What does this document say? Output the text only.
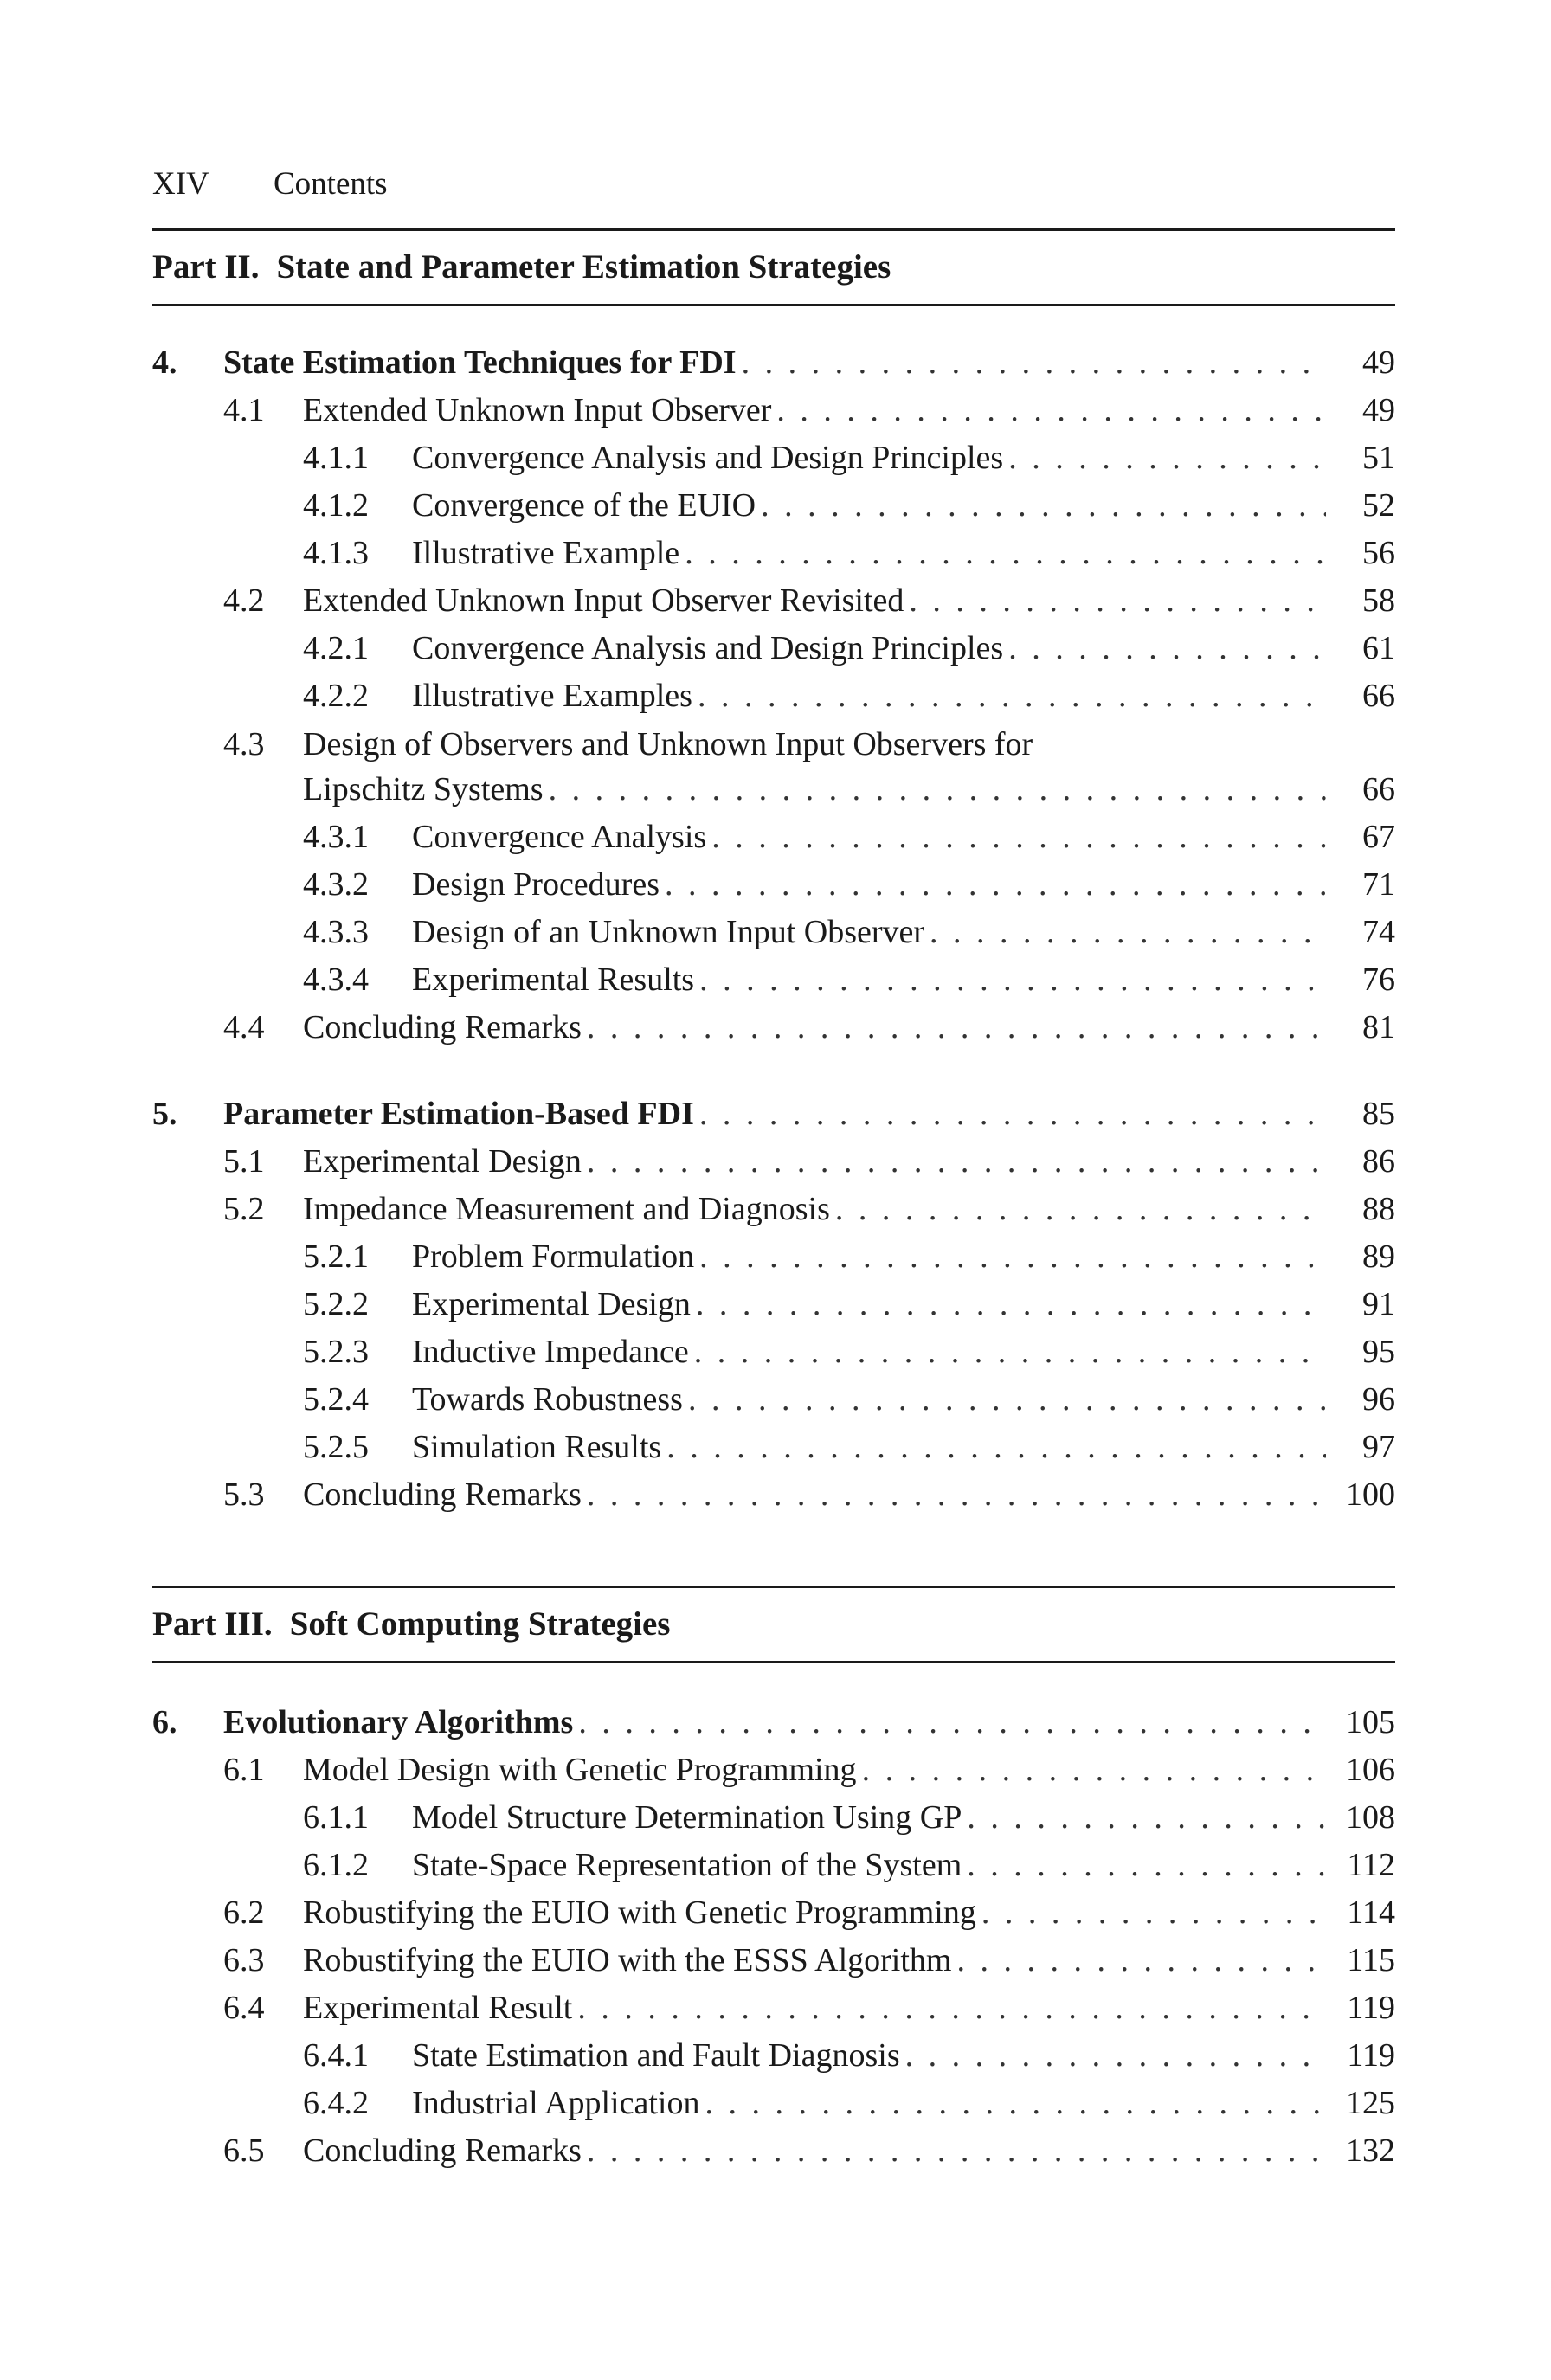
XIV Contents
Part II. State and Parameter Estimation Strategies
4.	State Estimation Techniques for FDI . . .	49
4.1	Extended Unknown Input Observer . . .	49
4.1.1	Convergence Analysis and Design Principles . . .	51
4.1.2	Convergence of the EUIO . . .	52
4.1.3	Illustrative Example . . .	56
4.2	Extended Unknown Input Observer Revisited . . .	58
4.2.1	Convergence Analysis and Design Principles . . .	61
4.2.2	Illustrative Examples . . .	66
4.3 Design of Observers and Unknown Input Observers for
Lipschitz Systems . . .	66
4.3.1	Convergence Analysis . . .	67
4.3.2	Design Procedures . . .	71
4.3.3	Design of an Unknown Input Observer . . .	74
4.3.4	Experimental Results . . .	76
4.4	Concluding Remarks . . .	81
5.	Parameter Estimation-Based FDI . . .	85
5.1	Experimental Design . . .	86
5.2	Impedance Measurement and Diagnosis . . .	88
5.2.1	Problem Formulation . . .	89
5.2.2	Experimental Design . . .	91
5.2.3	Inductive Impedance . . .	95
5.2.4	Towards Robustness . . .	96
5.2.5	Simulation Results . . .	97
5.3	Concluding Remarks . . .	100
Part III. Soft Computing Strategies
6.	Evolutionary Algorithms . . .	105
6.1	Model Design with Genetic Programming . . .	106
6.1.1	Model Structure Determination Using GP . . .	108
6.1.2	State-Space Representation of the System . . .	112
6.2	Robustifying the EUIO with Genetic Programming . . .	114
6.3	Robustifying the EUIO with the ESSS Algorithm . . .	115
6.4	Experimental Result . . .	119
6.4.1	State Estimation and Fault Diagnosis . . .	119
6.4.2	Industrial Application . . .	125
6.5	Concluding Remarks . . .	132
